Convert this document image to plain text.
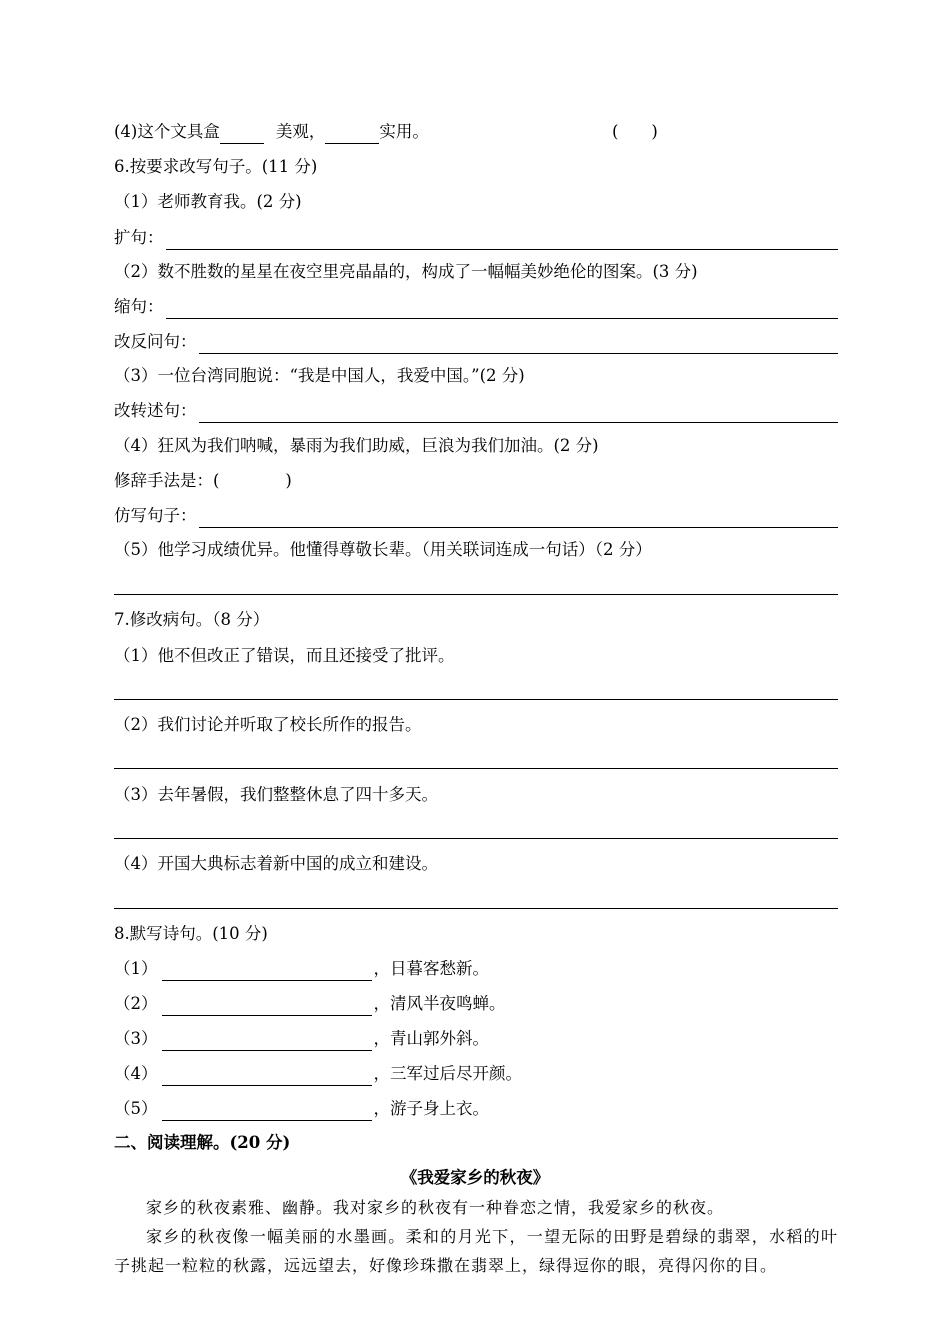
(4)这个文具盒	美观，	实用。	(　　)
6.按要求改写句子。(11 分)
（1）老师教育我。(2 分)
扩句：
（2）数不胜数的星星在夜空里亮晶晶的，构成了一幅幅美妙绝伦的图案。(3 分)
缩句：
改反问句：
（3）一位台湾同胞说：“我是中国人，我爱中国。”(2 分)
改转述句：
（4）狂风为我们呐喊，暴雨为我们助威，巨浪为我们加油。(2 分)
修辞手法是：(　　　　)
仿写句子：
（5）他学习成绩优异。他懂得尊敬长辈。（用关联词连成一句话）（2 分）
7.修改病句。（8 分）
（1）他不但改正了错误，而且还接受了批评。
（2）我们讨论并听取了校长所作的报告。
（3）去年暑假，我们整整休息了四十多天。
（4）开国大典标志着新中国的成立和建设。
8.默写诗句。(10 分)
（1）	，日暮客愁新。
（2）	，清风半夜鸣蝉。
（3）	，青山郭外斜。
（4）	，三军过后尽开颜。
（5）	，游子身上衣。
二、阅读理解。(20 分)
《我爱家乡的秋夜》
家乡的秋夜素雅、幽静。我对家乡的秋夜有一种眷恋之情，我爱家乡的秋夜。
家乡的秋夜像一幅美丽的水墨画。柔和的月光下，一望无际的田野是碧绿的翡翠，水稻的叶子挑起一粒粒的秋露，远远望去，好像珍珠撒在翡翠上，绿得逗你的眼，亮得闪你的目。
